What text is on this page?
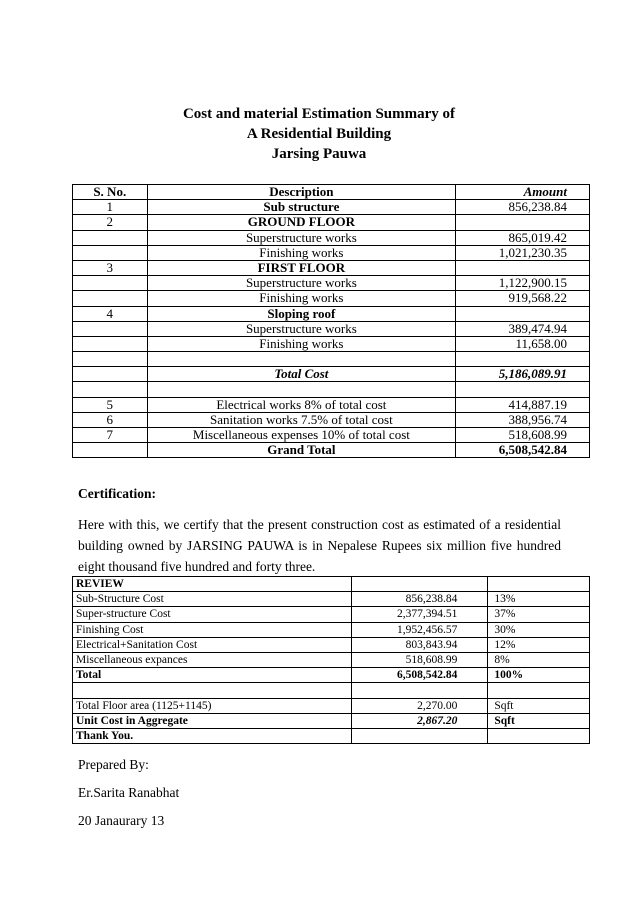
Cost and material Estimation Summary of
A Residential Building
Jarsing Pauwa
S. No.	Description	Amount
1	Sub structure	856,238.84
2	GROUND FLOOR	
	Superstructure works	865,019.42
	Finishing works	1,021,230.35
3	FIRST FLOOR	
	Superstructure works	1,122,900.15
	Finishing works	919,568.22
4	Sloping roof	
	Superstructure works	389,474.94
	Finishing works	11,658.00

	Total Cost	5,186,089.91

5	Electrical works 8% of total cost	414,887.19
6	Sanitation works 7.5% of total cost	388,956.74
7	Miscellaneous expenses 10% of total cost	518,608.99
	Grand Total	6,508,542.84
Certification:
Here with this, we certify that the present construction cost as estimated of a residential building owned by JARSING PAUWA is in Nepalese Rupees six million five hundred eight thousand five hundred and forty three.
REVIEW		
Sub-Structure Cost	856,238.84	13%
Super-structure Cost	2,377,394.51	37%
Finishing Cost	1,952,456.57	30%
Electrical+Sanitation Cost	803,843.94	12%
Miscellaneous expances	518,608.99	8%
Total	6,508,542.84	100%

Total Floor area (1125+1145)	2,270.00	Sqft
Unit Cost in Aggregate	2,867.20	Sqft
Thank You.		
Prepared By:
Er.Sarita Ranabhat
20 Janaurary 13
